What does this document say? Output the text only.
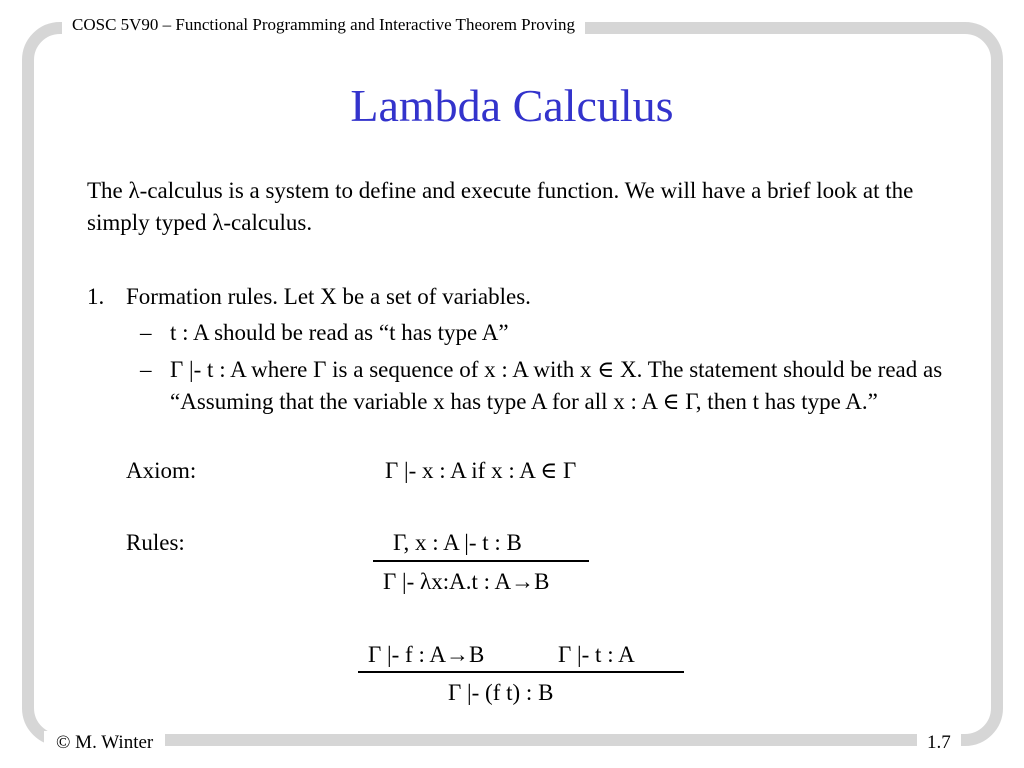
COSC 5V90 – Functional Programming and Interactive Theorem Proving
Lambda Calculus
The λ-calculus is a system to define and execute function. We will have a brief look at the simply typed λ-calculus.
1. Formation rules. Let X be a set of variables.
– t : A should be read as “t has type A”
– Γ |- t : A where Γ is a sequence of x : A with x ∈ X. The statement should be read as “Assuming that the variable x has type A for all x : A ∈ Γ, then t has type A.”
Axiom:	Γ |- x : A if x : A ∈ Γ
Rules:	Γ, x : A |- t : B
Γ |- λx:A.t : A→B
Γ |- f : A→B	Γ |- t : A
Γ |- (f t) : B
© M. Winter	1.7
